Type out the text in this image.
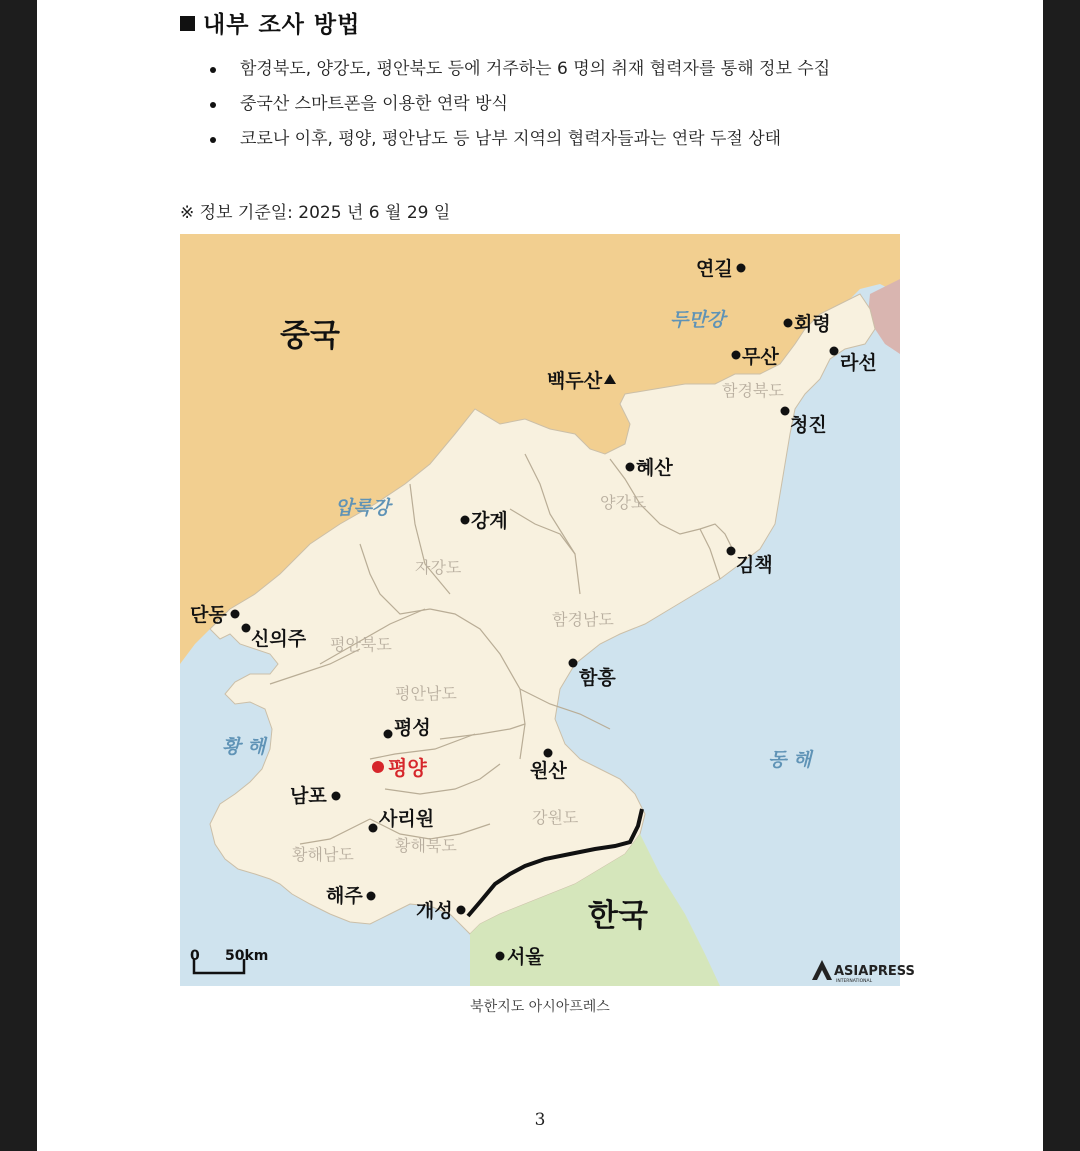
내부 조사 방법
함경북도, 양강도, 평안북도 등에 거주하는 6 명의 취재 협력자를 통해 정보 수집
중국산 스마트폰을 이용한 연락 방식
코로나 이후, 평양, 평안남도 등 남부 지역의 협력자들과는 연락 두절 상태
※ 정보 기준일: 2025 년 6 월 29 일
중국
한국
두만강
압록강
황 해
동 해
함경북도
양강도
자강도
함경남도
평안북도
평안남도
강원도
황해남도	황해북도
연길
회령
무산	라선
청진
혜산
강계
김책
단동
신의주
함흥
평성
원산
남포
사리원
해주
개성
서울
백두산
평양
0 50km
ASIAPRESS
INTERNATIONAL
북한지도 아시아프레스
3
